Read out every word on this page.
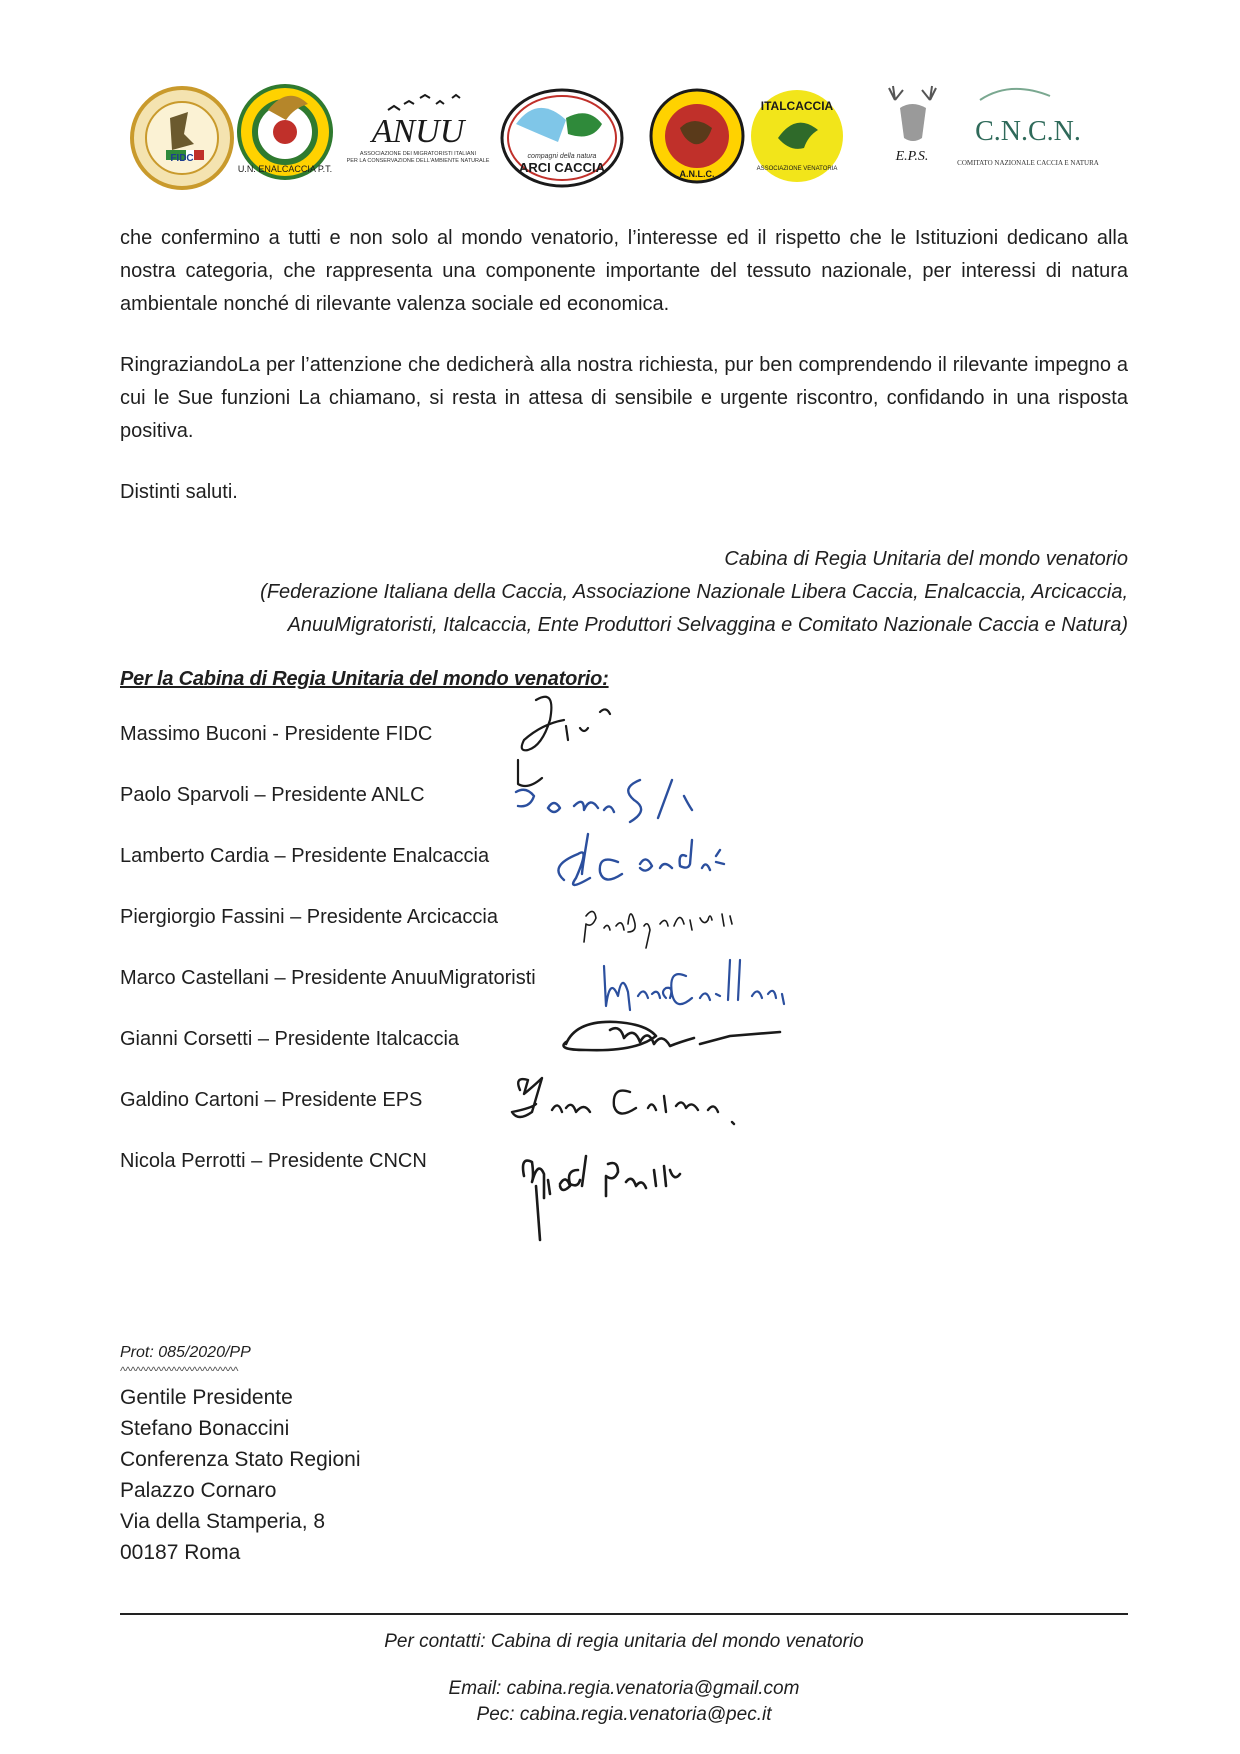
FIDC
U.N. ENALCACCIA P.T.
ANUU
ASSOCIAZIONE DEI MIGRATORISTI ITALIANI
PER LA CONSERVAZIONE DELL'AMBIENTE NATURALE
compagni della natura
ARCI CACCIA	A.N.L.C.
ITALCACCIA
ASSOCIAZIONE VENATORIA
E.P.S.
C.N.C.N.
COMITATO NAZIONALE CACCIA E NATURA

che confermino a tutti e non solo al mondo venatorio, l’interesse ed il rispetto che le Istituzioni dedicano alla nostra categoria, che rappresenta una componente importante del tessuto nazionale, per interessi di natura ambientale nonché di rilevante valenza sociale ed economica.

RingraziandoLa per l’attenzione che dedicherà alla nostra richiesta, pur ben comprendendo il rilevante impegno a cui le Sue funzioni La chiamano, si resta in attesa di sensibile e urgente riscontro, confidando in una risposta positiva.

Distinti saluti.

Cabina di Regia Unitaria del mondo venatorio

(Federazione Italiana della Caccia, Associazione Nazionale Libera Caccia, Enalcaccia, Arcicaccia,

AnuuMigratoristi, Italcaccia, Ente Produttori Selvaggina e Comitato Nazionale Caccia e Natura)

Per la Cabina di Regia Unitaria del mondo venatorio:
Massimo Buconi - Presidente FIDC
Paolo Sparvoli – Presidente ANLC
Lamberto Cardia – Presidente Enalcaccia
Piergiorgio Fassini – Presidente Arcicaccia
Marco Castellani – Presidente AnuuMigratoristi
Gianni Corsetti – Presidente Italcaccia
Galdino Cartoni – Presidente EPS
Nicola Perrotti – Presidente CNCN
Prot: 085/2020/PP
^^^^^^^^^^^^^^^^^^^^^^^
Gentile Presidente
Stefano Bonaccini
Conferenza Stato Regioni
Palazzo Cornaro
Via della Stamperia, 8
00187 Roma
Per contatti: Cabina di regia unitaria del mondo venatorio
Email: cabina.regia.venatoria@gmail.com
Pec: cabina.regia.venatoria@pec.it
